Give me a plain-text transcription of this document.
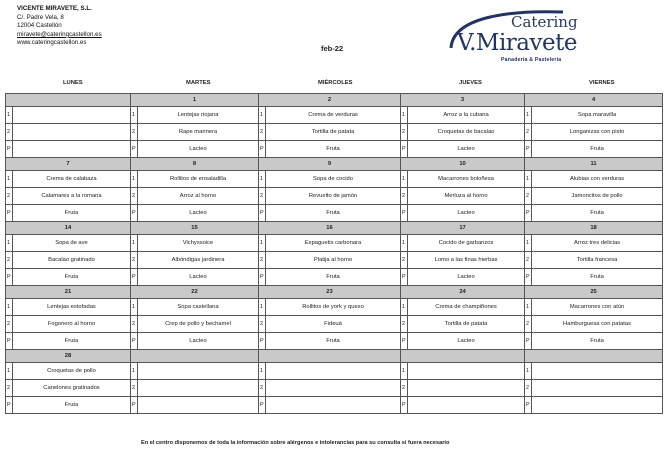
VICENTE MIRAVETE, S.L.
C/. Padre Vela, 8
12004 Castellón
miravete@cateringcastellon.es
www.cateringcastellon.es
feb-22
Catering
V.Miravete
Panadería & Pastelería
LUNES	MARTES	MIÉRCOLES	JUEVES	VIERNES
		1		2		3		4	
1		1	Lentejas riojana	1	Crema de verduras	1	Arroz a la cubana	1	Sopa maravilla
2		2	Rape marinera	2	Tortilla de patata	2	Croquetas de bacalao	2	Longanizas con pisto
P		P	Lacteo	P	Fruta	P	Lacteo	P	Fruta
7		8		9		10		11	
1	Crema de calabaza	1	Rollitos de ensaladilla	1	Sopa de cocido	1	Macarrones boloñesa	1	Alubias con verduras
2	Calamares a la romana	2	Arroz al horno	2	Revuelto de jamón	2	Merluza al horno	2	Jamoncitos de pollo
P	Fruta	P	Lacteo	P	Fruta	P	Lacteo	P	Fruta
14		15		16		17		18	
1	Sopa de ave	1	Vichyssoice	1	Espaguetis carbonara	1	Cocido de garbanzos	1	Arroz tres delicias
2	Bacalao gratinado	2	Albóndigas jardinera	2	Platija al horno	2	Lomo a las finas hierbas	2	Tortilla francesa
P	Fruta	P	Lacteo	P	Fruta	P	Lacteo	P	Fruta
21		22		23		24		25	
1	Lentejas estofadas	1	Sopa castellana	1	Rollitos de york y queso	1	Crema de champiñones	1	Macarrones con atún
2	Fogonero al horno	2	Crep de pollo y bechamel	2	Fideuá	2	Tortilla de patata	2	Hamburguesa con patatas
P	Fruta	P	Lacteo	P	Fruta	P	Lacteo	P	Fruta
28									
1	Croquetas de pollo	1		1		1		1	
2	Canelones gratinados	2		2		2		2	
P	Fruta	P		P		P		P	
En el centro disponemos de toda la información sobre alérgenos e intolerancias para su consulta si fuera necesario
